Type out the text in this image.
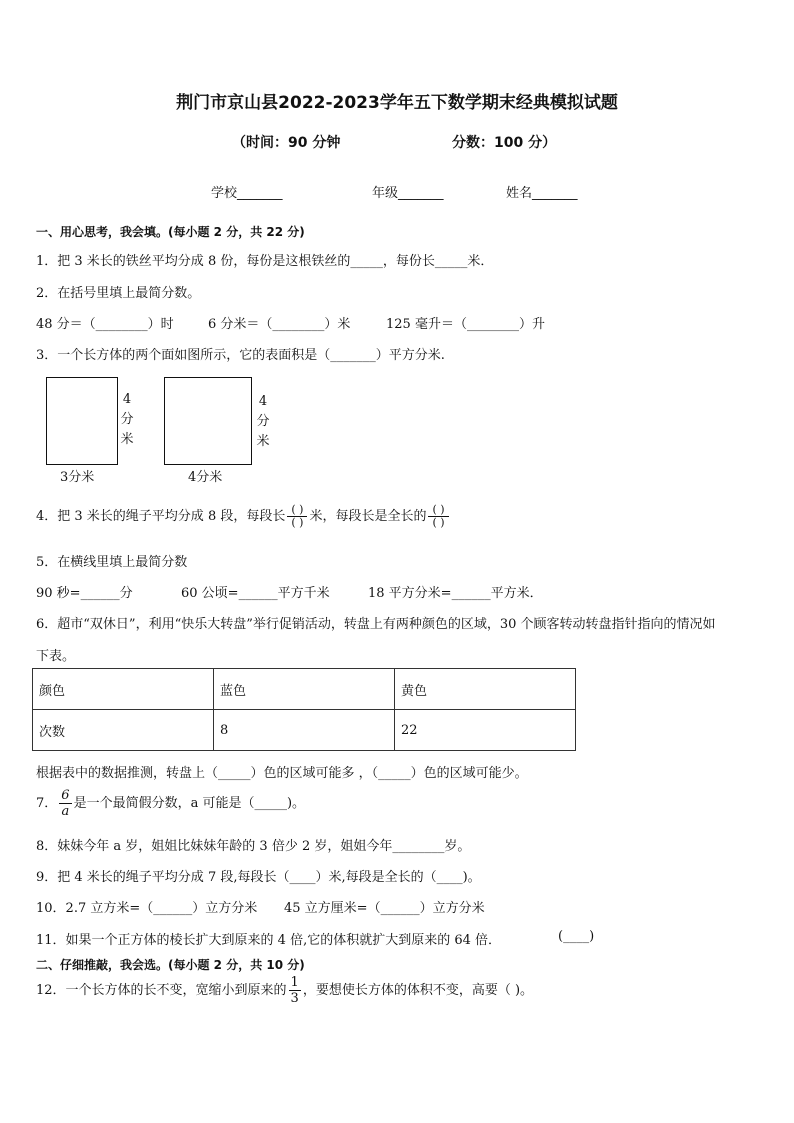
荆门市京山县2022-2023学年五下数学期末经典模拟试题
（时间：90 分钟	分数：100 分）
学校_______	年级_______	姓名_______
一、用心思考，我会填。(每小题 2 分，共 22 分)
1．把 3 米长的铁丝平均分成 8 份，每份是这根铁丝的_____，每份长_____米．
2．在括号里填上最简分数。
48 分＝（________）时	6 分米＝（________）米	125 毫升＝（________）升
3．一个长方体的两个面如图所示，它的表面积是（_______）平方分米.
4
分
米
3分米
4
分
米
4分米
4．把 3 米长的绳子平均分成 8 段，每段长 $\frac{( )}{( )}$ 米，每段长是全长的 $\frac{( )}{( )}$
5．在横线里填上最简分数
90 秒=______分	60 公顷=______平方千米	18 平方分米=______平方米．
6．超市“双休日”，利用“快乐大转盘”举行促销活动，转盘上有两种颜色的区域，30 个顾客转动转盘指针指向的情况如
下表。
颜色	蓝色	黄色
次数	8	22
根据表中的数据推测，转盘上（_____）色的区域可能多 ，（_____）色的区域可能少。
7． $\frac{6}{a}$ 是一个最简假分数，a 可能是（_____)。
8．妹妹今年 a 岁，姐姐比妹妹年龄的 3 倍少 2 岁，姐姐今年________岁。
9．把 4 米长的绳子平均分成 7 段,每段长（____）米,每段是全长的（____)。
10．2.7 立方米=（______）立方分米 45 立方厘米=（______）立方分米
11．如果一个正方体的棱长扩大到原来的 4 倍,它的体积就扩大到原来的 64 倍．	(____)
二、仔细推敲，我会选。(每小题 2 分，共 10 分)
12．一个长方体的长不变，宽缩小到原来的 $\frac{1}{3}$ ，要想使长方体的体积不变，高要（ )。
